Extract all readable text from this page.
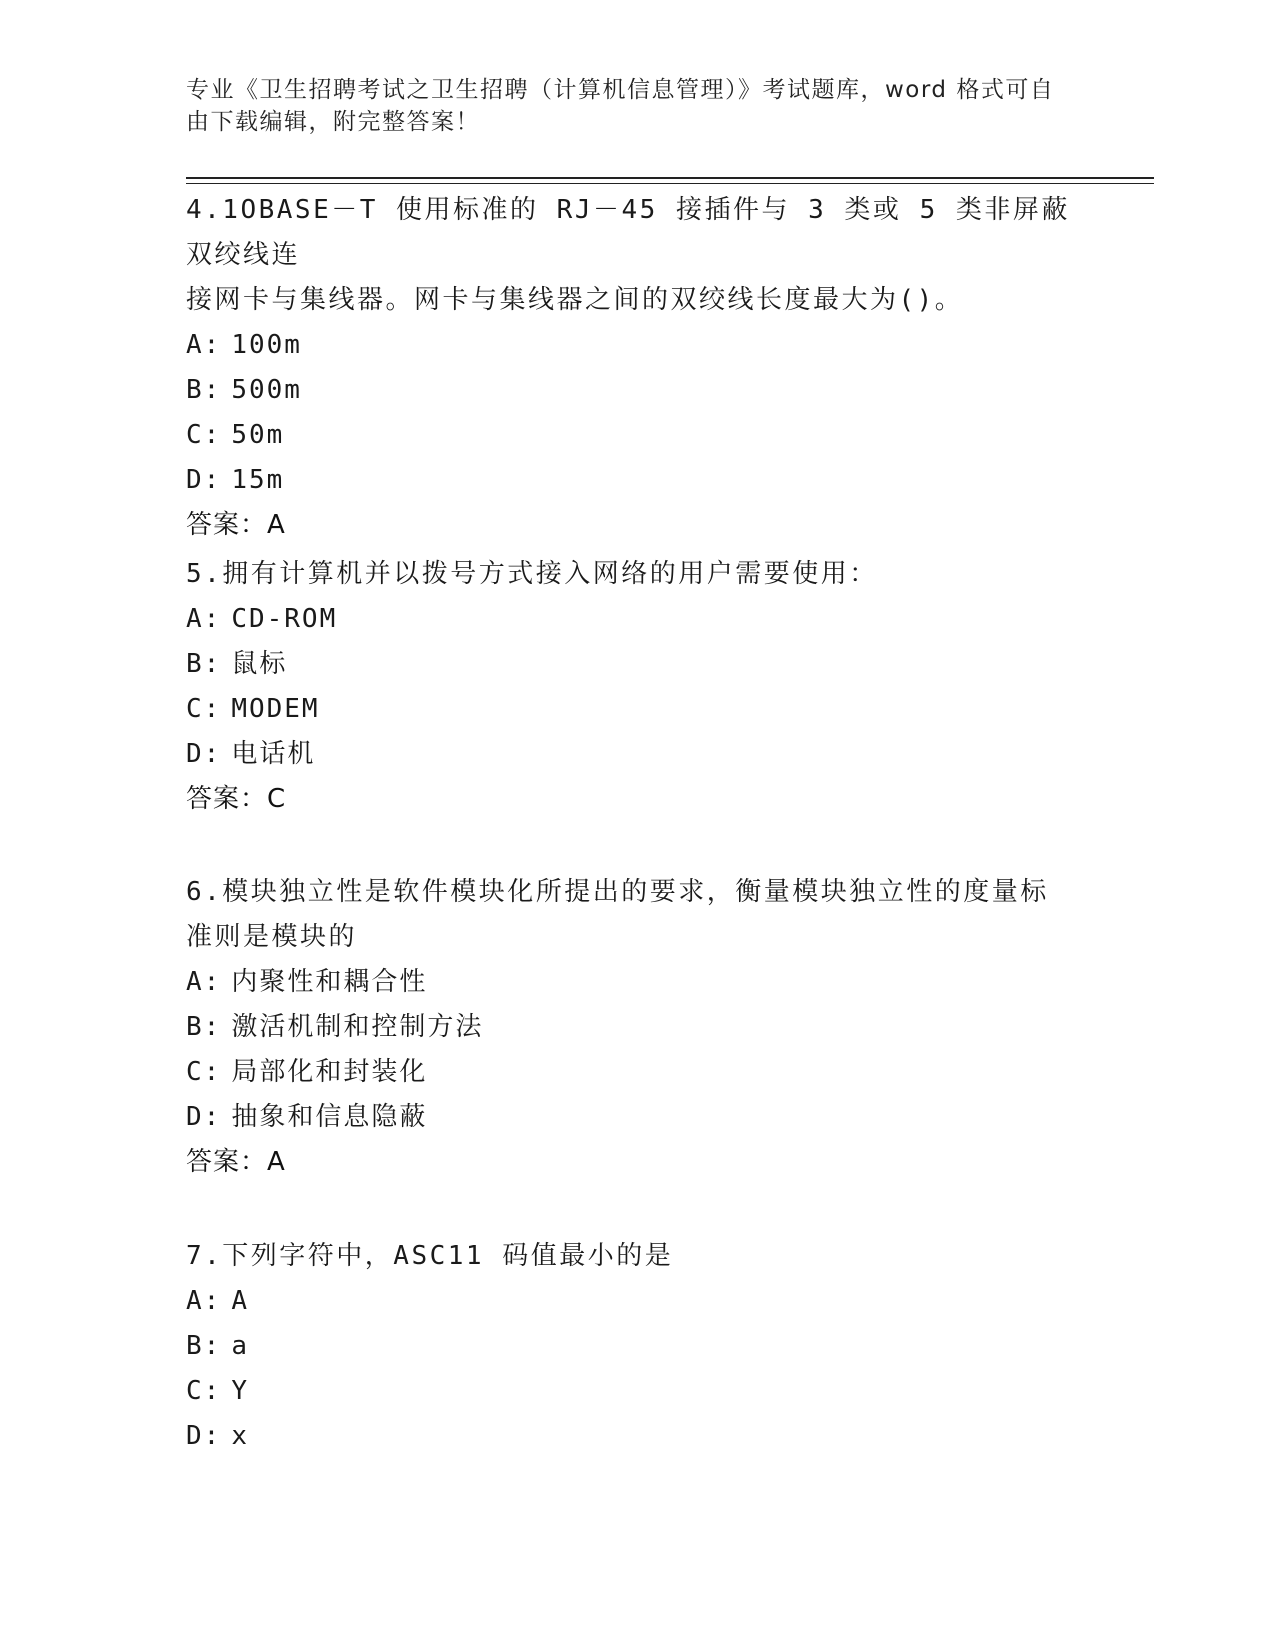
专业《卫生招聘考试之卫生招聘（计算机信息管理）》考试题库，word 格式可自
由下载编辑，附完整答案！
4.1OBASE－T 使用标准的 RJ－45 接插件与 3 类或 5 类非屏蔽双绞线连
接网卡与集线器。网卡与集线器之间的双绞线长度最大为()。
A: 100m
B: 500m
C: 50m
D: 15m
答案：A
5.拥有计算机并以拨号方式接入网络的用户需要使用：
A: CD-ROM
B: 鼠标
C: MODEM
D: 电话机
答案：C
6.模块独立性是软件模块化所提出的要求，衡量模块独立性的度量标
准则是模块的
A: 内聚性和耦合性
B: 激活机制和控制方法
C: 局部化和封装化
D: 抽象和信息隐蔽
答案：A
7.下列字符中，ASC11 码值最小的是
A: A
B: a
C: Y
D: x
